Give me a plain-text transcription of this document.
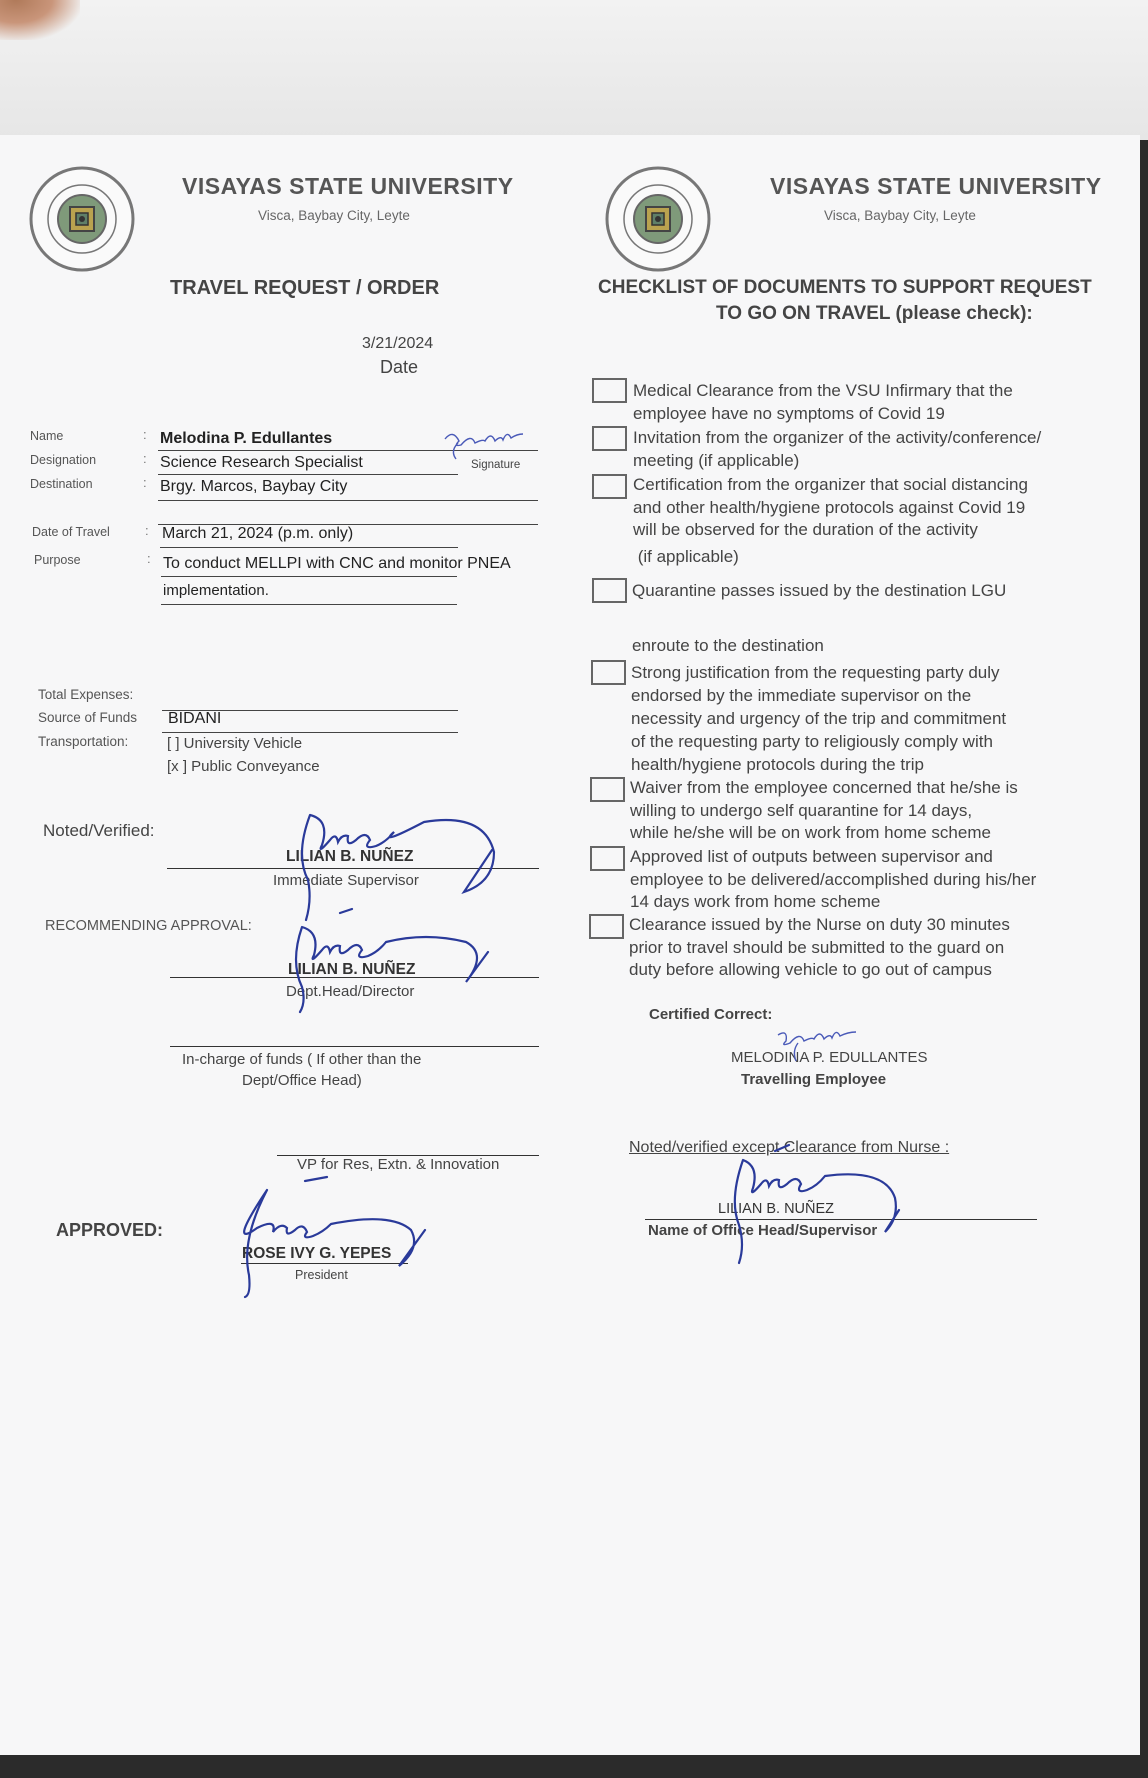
VISAYAS STATE UNIVERSITY
Visca, Baybay City, Leyte
TRAVEL REQUEST / ORDER
3/21/2024
Date
Name	: Melodina P. Edullantes
Signature
Designation	: Science Research Specialist
Destination	: Brgy. Marcos, Baybay City
Date of Travel	: March 21, 2024 (p.m. only)
Purpose	: To conduct MELLPI with CNC and monitor PNEA
implementation.
Total Expenses:
Source of Funds BIDANI
Transportation:	[ ] University Vehicle
[x ] Public Conveyance
Noted/Verified:
LILIAN B. NUÑEZ
Immediate Supervisor
RECOMMENDING APPROVAL:
LILIAN B. NUÑEZ
Dept.Head/Director
In-charge of funds ( If other than the
Dept/Office Head)
VP for Res, Extn. & Innovation
APPROVED:
ROSE IVY G. YEPES
President
VISAYAS STATE UNIVERSITY
Visca, Baybay City, Leyte
CHECKLIST OF DOCUMENTS TO SUPPORT REQUEST
TO GO ON TRAVEL (please check):
Medical Clearance from the VSU Infirmary that the
employee have no symptoms of Covid 19
Invitation from the organizer of the activity/conference/
meeting (if applicable)
Certification from the organizer that social distancing
and other health/hygiene protocols against Covid 19
will be observed for the duration of the activity
(if applicable)
Quarantine passes issued by the destination LGU
enroute to the destination
Strong justification from the requesting party duly
endorsed by the immediate supervisor on the
necessity and urgency of the trip and commitment
of the requesting party to religiously comply with
health/hygiene protocols during the trip
Waiver from the employee concerned that he/she is
willing to undergo self quarantine for 14 days,
while he/she will be on work from home scheme
Approved list of outputs between supervisor and
employee to be delivered/accomplished during his/her
14 days work from home scheme
Clearance issued by the Nurse on duty 30 minutes
prior to travel should be submitted to the guard on
duty before allowing vehicle to go out of campus
Certified Correct:
MELODINA P. EDULLANTES
Travelling Employee
Noted/verified except Clearance from Nurse :
LILIAN B. NUÑEZ
Name of Office Head/Supervisor
